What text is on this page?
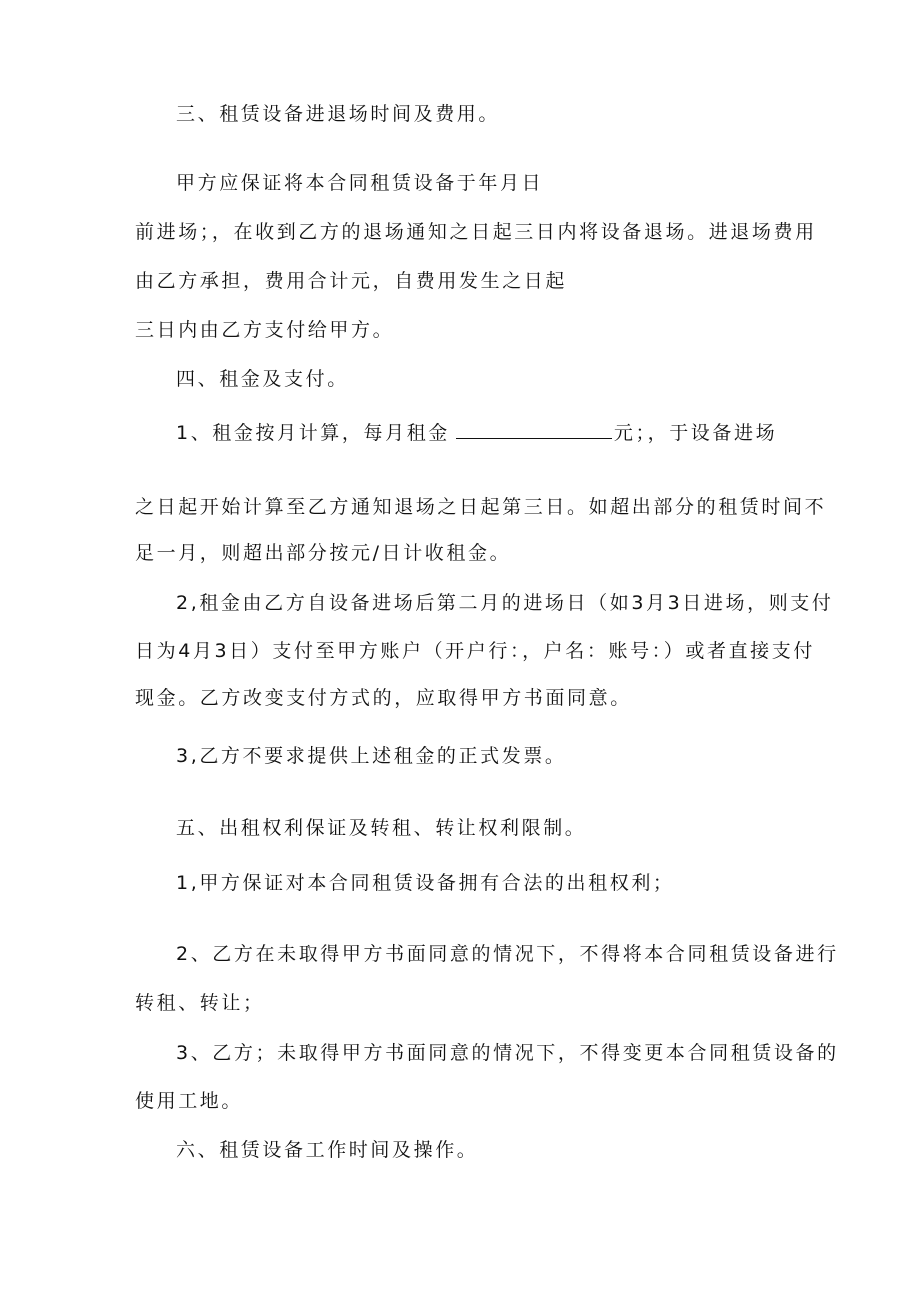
三、租赁设备进退场时间及费用。
甲方应保证将本合同租赁设备于年月日
前进场；，在收到乙方的退场通知之日起三日内将设备退场。进退场费用
由乙方承担，费用合计元，自费用发生之日起
三日内由乙方支付给甲方。
四、租金及支付。
1、租金按月计算，每月租金	元；，于设备进场
之日起开始计算至乙方通知退场之日起第三日。如超出部分的租赁时间不
足一月，则超出部分按元/日计收租金。
2,租金由乙方自设备进场后第二月的进场日（如3月3日进场，则支付
日为4月3日）支付至甲方账户（开户行：，户名：账号：）或者直接支付
现金。乙方改变支付方式的，应取得甲方书面同意。
3,乙方不要求提供上述租金的正式发票。
五、出租权利保证及转租、转让权利限制。
1,甲方保证对本合同租赁设备拥有合法的出租权利；
2、乙方在未取得甲方书面同意的情况下，不得将本合同租赁设备进行
转租、转让；
3、乙方；未取得甲方书面同意的情况下，不得变更本合同租赁设备的
使用工地。
六、租赁设备工作时间及操作。
